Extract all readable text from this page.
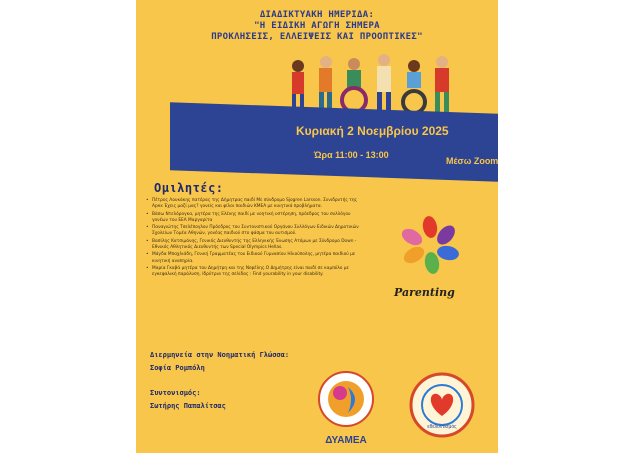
ΔΙΑΔΙΚΤΥΑΚΗ ΗΜΕΡΙΔΑ:
"Η ΕΙΔΙΚΗ ΑΓΩΓΗ ΣΗΜΕΡΑ
ΠΡΟΚΛΗΣΕΙΣ, ΕΛΛΕΙΨΕΙΣ ΚΑΙ ΠΡΟΟΠΤΙΚΕΣ"
Κυριακή 2 Νοεμβρίου 2025
Ώρα 11:00 - 13:00
Μέσω Zoom
Ομιλητές:
• Πέτρος Λουκάκης πατέρας της Δήμητρας παιδί Με σύνδρομο Sjogren Larsson. Συνιδρυτής της Apex Έχεις μαζί μας? γονείς και φίλοι παιδιών ΚΜΕΑ με κινητικά προβλήματα.
• Βάσω Ντελόρογκα, μητέρα της Ελένης παιδί με νοητική υστέρηση, πρόεδρος του συλλόγου γονέων του ΕΕΑ Μαργαρίτα
• Παναγιώτης Τσελέπογλου Πρόεδρος του Συντονιστικού Οργάνου Συλλόγων Ειδικών Δημοτικών Σχολείων Τομέα Αθηνών, γονέας παιδιού στο φάσμα του αυτισμού.
• Βασίλης Κατσιμάνης, Γενικός Διευθυντής της Ελληνικής Ένωσης Ατόμων με Σύνδρομο Down - Εθνικός Αθλητικός Διευθυντής των Special Olympics Hellas.
• Μάγδα Μπαχλιάδη, Γενική Γραμματέας του Ειδικού Γυμνασίου Ηλιούπολης, μητέρα παιδιού με κινητική αναπηρία.
• Μαρία Γκαβά μητέρα του Δημήτρη και της Νεφέλης.Ο Δημήτρης είναι παιδί σε καμπύλο με εγκεφαλική παράλυση. Ιδρύτρια της σελίδας : Find yourability in your disability.
Διερμηνεία στην Νοηματική Γλώσσα:
Σοφία Ρομπόλη
Συντονισμός:
Σωτήρης Παπαλίτσας
Parenting
ΔΥΑΜΕΑ
εθελοντισμός
